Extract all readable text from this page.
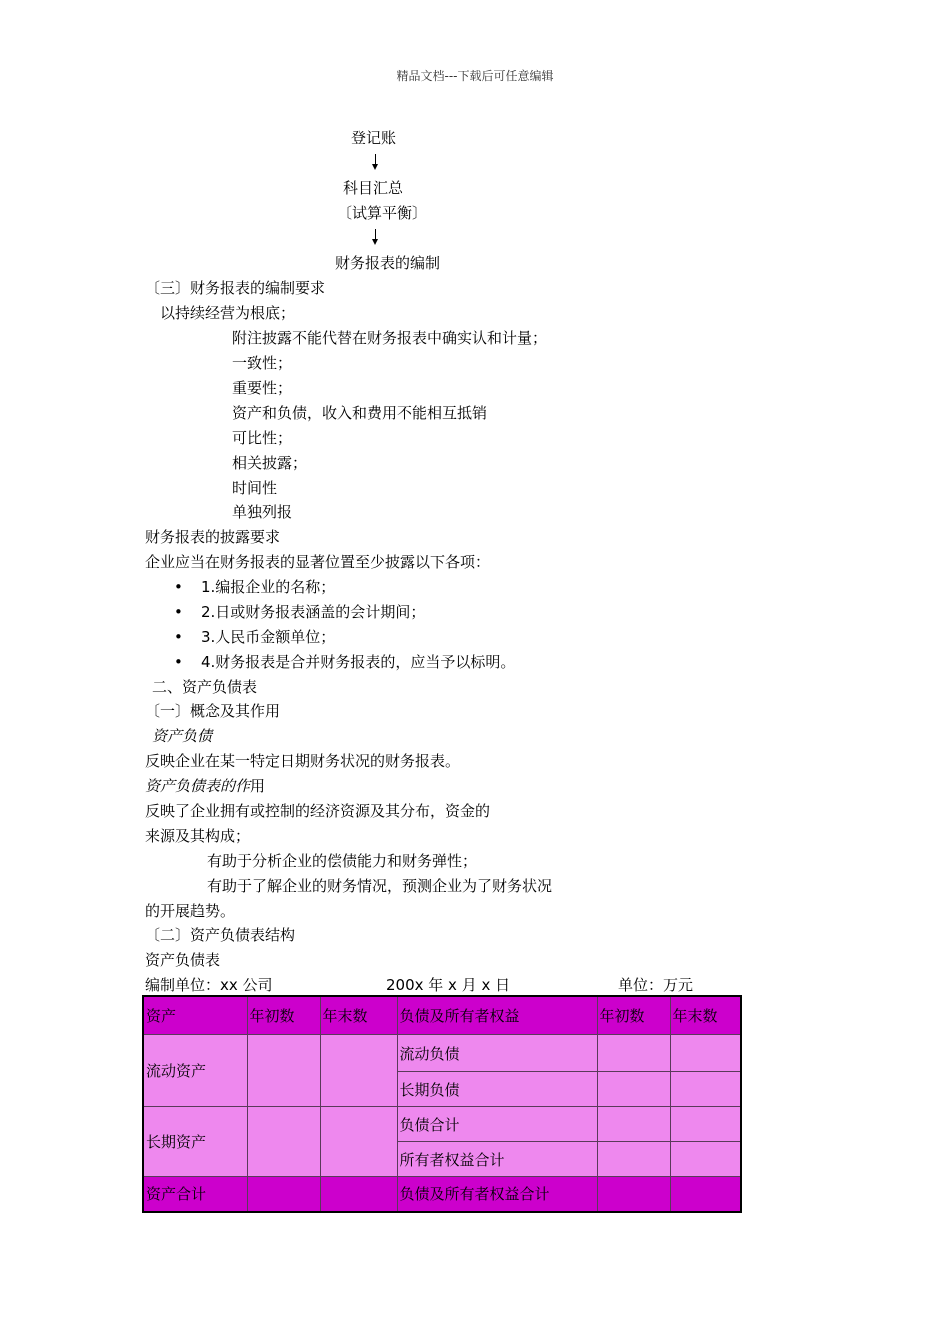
精品文档---下载后可任意编辑
登记账
科目汇总
〔试算平衡〕
财务报表的编制
〔三〕财务报表的编制要求
以持续经营为根底；
附注披露不能代替在财务报表中确实认和计量；
一致性；
重要性；
资产和负债，收入和费用不能相互抵销
可比性；
相关披露；
时间性
单独列报
财务报表的披露要求
企业应当在财务报表的显著位置至少披露以下各项：
• 1.编报企业的名称；
• 2.日或财务报表涵盖的会计期间；
• 3.人民币金额单位；
• 4.财务报表是合并财务报表的，应当予以标明。
二、资产负债表
〔一〕概念及其作用
资产负债
反映企业在某一特定日期财务状况的财务报表。
资产负债表的作用
反映了企业拥有或控制的经济资源及其分布，资金的
来源及其构成；
有助于分析企业的偿债能力和财务弹性；
有助于了解企业的财务情况，预测企业为了财务状况
的开展趋势。
〔二〕资产负债表结构
资产负债表
编制单位：xx 公司	200x 年 x 月 x 日	单位：万元
资产	年初数	年末数	负债及所有者权益	年初数	年末数
流动资产			流动负债		
			长期负债		
长期资产			负债合计		
			所有者权益合计		
资产合计			负债及所有者权益合计		
